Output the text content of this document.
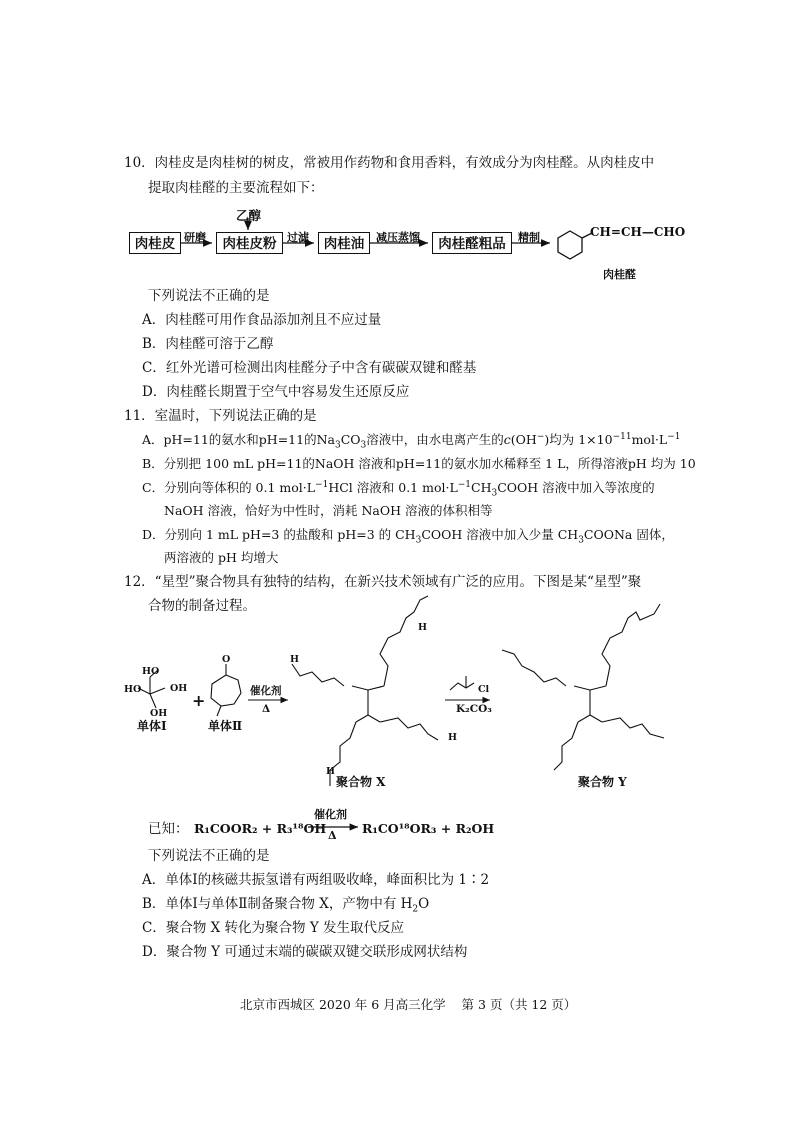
10．肉桂皮是肉桂树的树皮，常被用作药物和食用香料，有效成分为肉桂醛。从肉桂皮中
提取肉桂醛的主要流程如下：
乙醇
肉桂皮	肉桂皮粉	肉桂油	肉桂醛粗品
研磨	过滤	减压蒸馏	精制	CH=CH—CHO
肉桂醛
下列说法不正确的是
A．肉桂醛可用作食品添加剂且不应过量
B．肉桂醛可溶于乙醇
C．红外光谱可检测出肉桂醛分子中含有碳碳双键和醛基
D．肉桂醛长期置于空气中容易发生还原反应
11．室温时，下列说法正确的是
A．pH=11的氨水和pH=11的$Na_3CO_3$溶液中，由水电离产生的c(OH−)均为 $1\times 10^{-11}mol\cdot L^{-1}$
B．分别把 100 mL pH=11的NaOH 溶液和pH=11的氨水加水稀释至 1 L，所得溶液pH 均为 10
C．分别向等体积的 0.1 $mol\cdot L^{-1}HCl$ 溶液和 0.1 $mol\cdot L^{-1}CH_3COOH$ 溶液中加入等浓度的
NaOH 溶液，恰好为中性时，消耗 NaOH 溶液的体积相等
D．分别向 1 mL pH=3 的盐酸和 pH=3 的 $CH_3COOH$ 溶液中加入少量 $CH_3COONa$ 固体，
两溶液的 pH 均增大
12．“星型”聚合物具有独特的结构，在新兴技术领域有广泛的应用。下图是某“星型”聚
合物的制备过程。
HO
HO	OH
OH
O
H
H
H
H
Cl
催化剂
Δ	K₂CO₃
单体Ⅰ	单体Ⅱ
聚合物 X	聚合物 Y
+
已知： R₁COOR₂ + R₃¹⁸OH
催化剂
Δ R₁CO¹⁸OR₃ + R₂OH
下列说法不正确的是
A．单体Ⅰ的核磁共振氢谱有两组吸收峰，峰面积比为 1∶2
B．单体Ⅰ与单体Ⅱ制备聚合物 X，产物中有 $H_2O$
C．聚合物 X 转化为聚合物 Y 发生取代反应
D．聚合物 Y 可通过末端的碳碳双键交联形成网状结构
北京市西城区 2020 年 6 月高三化学    第 3 页（共 12 页）
